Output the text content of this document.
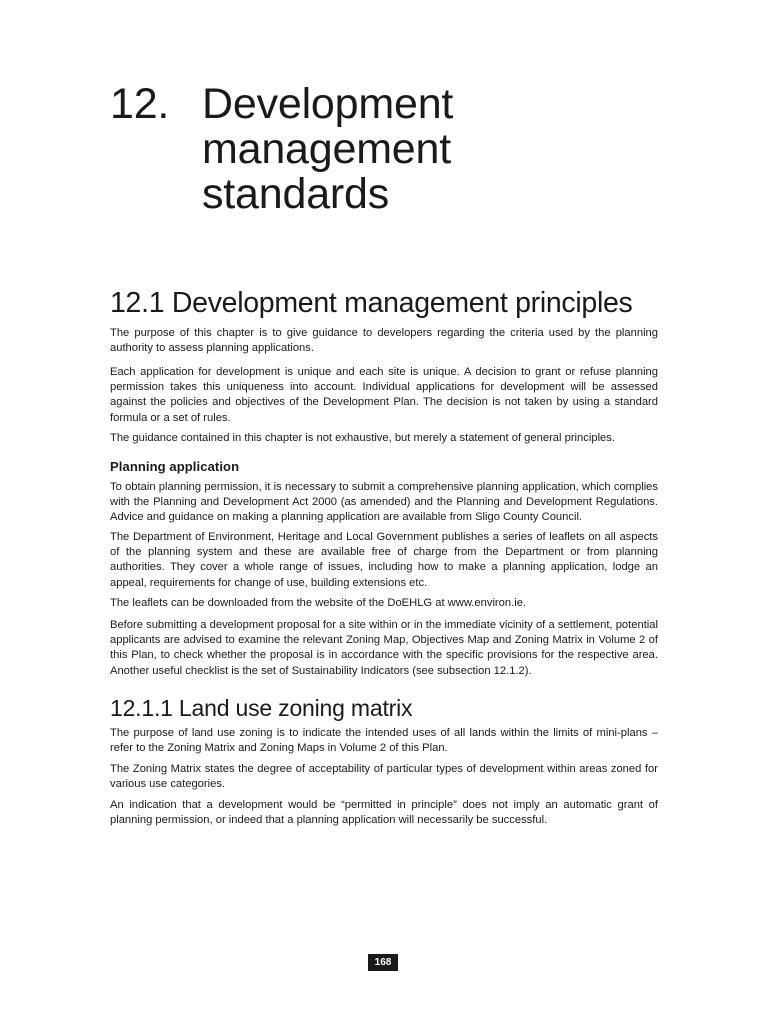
12. Development
management
standards
12.1 Development management principles

The purpose of this chapter is to give guidance to developers regarding the criteria used by the planning authority to assess planning applications.

Each application for development is unique and each site is unique. A decision to grant or refuse planning permission takes this uniqueness into account. Individual applications for development will be assessed against the policies and objectives of the Development Plan. The decision is not taken by using a standard formula or a set of rules.

The guidance contained in this chapter is not exhaustive, but merely a statement of general principles.

Planning application

To obtain planning permission, it is necessary to submit a comprehensive planning application, which complies with the Planning and Development Act 2000 (as amended) and the Planning and Development Regulations. Advice and guidance on making a planning application are available from Sligo County Council.

The Department of Environment, Heritage and Local Government publishes a series of leaflets on all aspects of the planning system and these are available free of charge from the Department or from planning authorities. They cover a whole range of issues, including how to make a planning application, lodge an appeal, requirements for change of use, building extensions etc.

The leaflets can be downloaded from the website of the DoEHLG at www.environ.ie.

Before submitting a development proposal for a site within or in the immediate vicinity of a settlement, potential applicants are advised to examine the relevant Zoning Map, Objectives Map and Zoning Matrix in Volume 2 of this Plan, to check whether the proposal is in accordance with the specific provisions for the respective area. Another useful checklist is the set of Sustainability Indicators (see subsection 12.1.2).

12.1.1 Land use zoning matrix

The purpose of land use zoning is to indicate the intended uses of all lands within the limits of mini-plans – refer to the Zoning Matrix and Zoning Maps in Volume 2 of this Plan.

The Zoning Matrix states the degree of acceptability of particular types of development within areas zoned for various use categories.

An indication that a development would be “permitted in principle” does not imply an automatic grant of planning permission, or indeed that a planning application will necessarily be successful.

168
